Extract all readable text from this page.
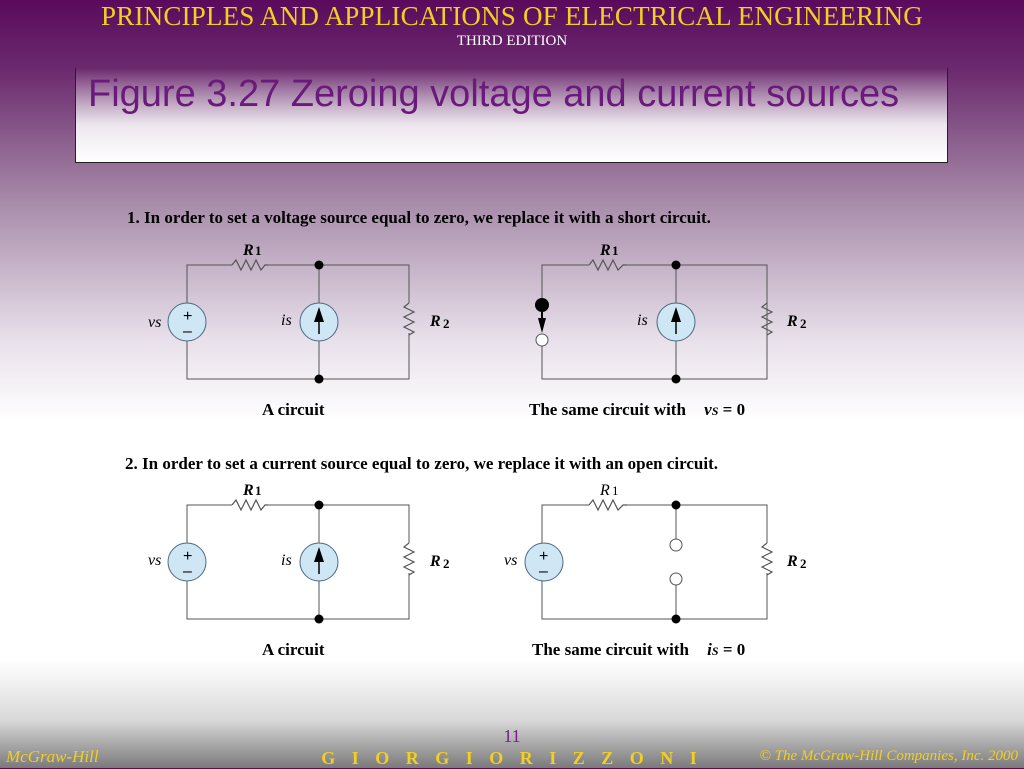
PRINCIPLES AND APPLICATIONS OF ELECTRICAL ENGINEERING
THIRD EDITION
Figure 3.27 Zeroing voltage and current sources
1. In order to set a voltage source equal to zero, we replace it with a short circuit.
2. In order to set a current source equal to zero, we replace it with an open circuit.
+
–
R 1
R 2
vs	is
R 1
R 2
is
+
–
R 1
R 2
vs	is	+
–
R 1
R 2
vs
A circuit	The same circuit with vS = 0
A circuit	The same circuit with iS = 0
11
McGraw-Hill	G I O R G I O R I Z Z O N I	© The McGraw-Hill Companies, Inc. 2000
